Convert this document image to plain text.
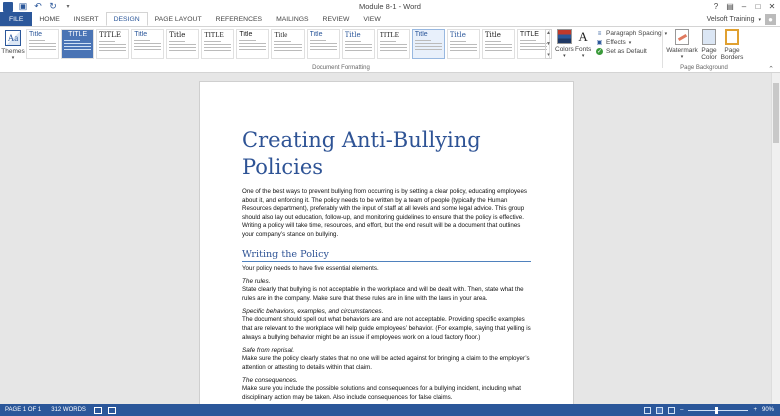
W ▣ ↶ ↻	▾	Module 8-1 - Word	?	▤ –	□	✕
FILE	HOME	INSERT	DESIGN	PAGE LAYOUT	REFERENCES	MAILINGS	REVIEW	VIEW	Velsoft Training ▾ ●
Aa
Themes
▾
Title	TITLE	TITLE	Title	Title	TITLE	Title	Title	Title	Title	TITLE	Title	Title	Title	TITLE	▲
▼
▾
Colors
▾
A
Fonts
▾
≡ Paragraph Spacing ▾
▣ Effects ▾
✓ Set as Default
Document Formatting
Watermark
▾
Page Color
Page Borders
Page Background	⌃
Creating Anti-Bullying Policies
One of the best ways to prevent bullying from occurring is by setting a clear policy, educating employees about it, and enforcing it. The policy needs to be written by a team of people (typically the Human Resources department), preferably with the input of staff at all levels and some legal advice. This group should also lay out education, follow-up, and monitoring guidelines to ensure that the policy is effective. Writing a policy will take time, resources, and effort, but the end result will be a document that outlines your company’s stance on bullying.
Writing the Policy
Your policy needs to have five essential elements.
The rules.
State clearly that bullying is not acceptable in the workplace and will be dealt with. Then, state what the rules are in the company. Make sure that these rules are in line with the laws in your area.
Specific behaviors, examples, and circumstances.
The document should spell out what behaviors are and are not acceptable. Providing specific examples that are relevant to the workplace will help guide employees’ behavior. (For example, saying that yelling is always a bullying behavior might be an issue if employees work on a loud factory floor.)
Safe from reprisal.
Make sure the policy clearly states that no one will be acted against for bringing a claim to the employer’s attention or attesting to details within that claim.
The consequences.
Make sure you include the possible solutions and consequences for a bullying incident, including what disciplinary action may be taken. Also include consequences for false claims.
PAGE 1 OF 1 312 WORDS	–	+ 90%
